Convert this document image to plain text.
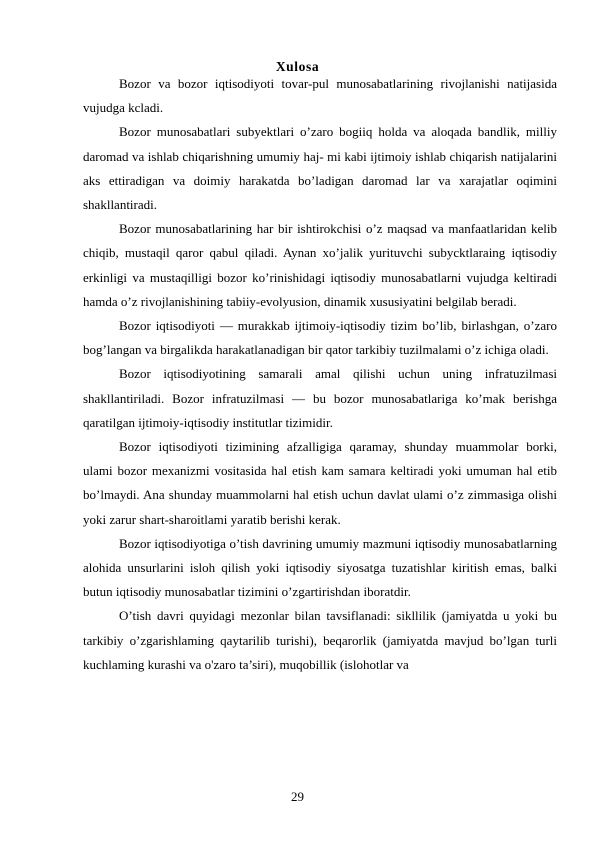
Xulosa

Bozor va bozor iqtisodiyoti tovar-pul munosabatlarining rivojlanishi natijasida vujudga kcladi.

Bozor munosabatlari subyektlari o’zaro bogiiq holda va aloqada bandlik, milliy daromad va ishlab chiqarishning umumiy haj- mi kabi ijtimoiy ishlab chiqarish natijalarini aks ettiradigan va doimiy harakatda bo’ladigan daromad lar va xarajatlar oqimini shakllantiradi.

Bozor munosabatlarining har bir ishtirokchisi o’z maqsad va manfaatlaridan kelib chiqib, mustaqil qaror qabul qiladi. Aynan xo’jalik yurituvchi subycktlaraing iqtisodiy erkinligi va mustaqilligi bozor ko’rinishidagi iqtisodiy munosabatlarni vujudga keltiradi hamda o’z rivojlanishining tabiiy-evolyusion, dinamik xususiyatini belgilab beradi.

Bozor iqtisodiyoti — murakkab ijtimoiy-iqtisodiy tizim bo’lib, birlashgan, o’zaro bog’langan va birgalikda harakatlanadigan bir qator tarkibiy tuzilmalami o’z ichiga oladi.

Bozor iqtisodiyotining samarali amal qilishi uchun uning infratuzilmasi shakllantiriladi. Bozor infratuzilmasi — bu bozor munosabatlariga ko’mak berishga qaratilgan ijtimoiy-iqtisodiy institutlar tizimidir.

Bozor iqtisodiyoti tizimining afzalligiga qaramay, shunday muammolar borki, ulami bozor mexanizmi vositasida hal etish kam samara keltiradi yoki umuman hal etib bo’lmaydi. Ana shunday muammolarni hal etish uchun davlat ulami o’z zimmasiga olishi yoki zarur shart-sharoitlami yaratib berishi kerak.

Bozor iqtisodiyotiga o’tish davrining umumiy mazmuni iqtisodiy munosabatlarning alohida unsurlarini isloh qilish yoki iqtisodiy siyosatga tuzatishlar kiritish emas, balki butun iqtisodiy munosabatlar tizimini o’zgartirishdan iboratdir.

O’tish davri quyidagi mezonlar bilan tavsiflanadi: sikllilik (jamiyatda u yoki bu tarkibiy o’zgarishlaming qaytarilib turishi), beqarorlik (jamiyatda mavjud bo’lgan turli kuchlaming kurashi va o'zaro ta’siri), muqobillik (islohotlar va

29
